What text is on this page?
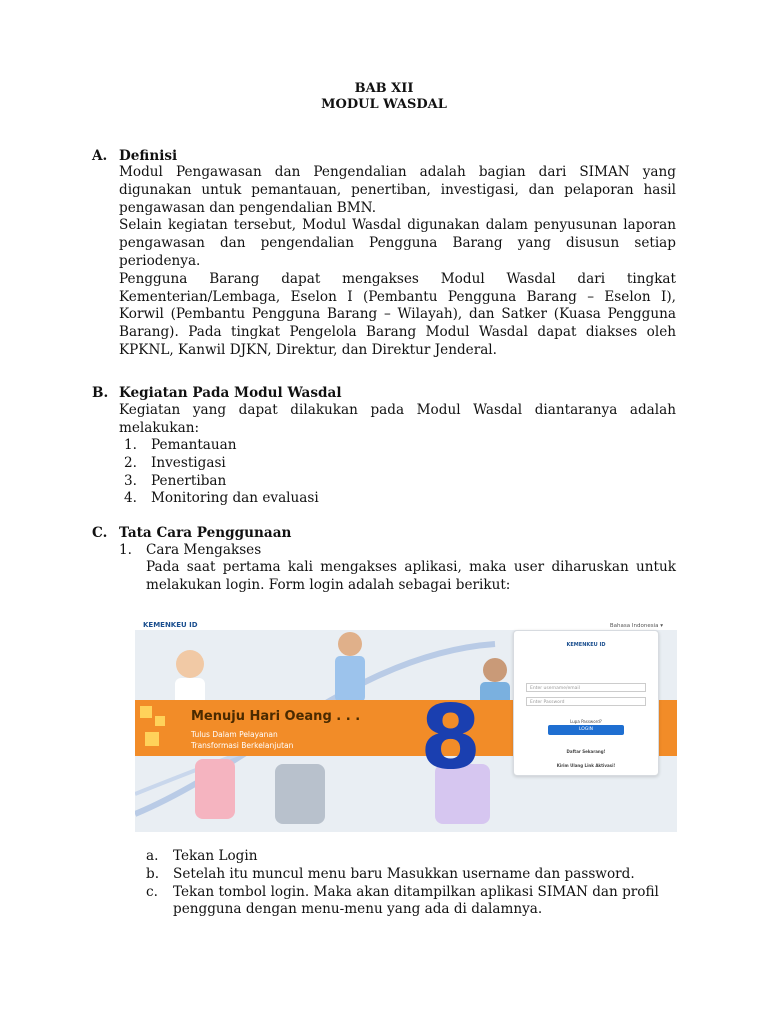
BAB XII
MODUL WASDAL
A. Definisi

Modul Pengawasan dan Pengendalian adalah bagian dari SIMAN yang digunakan untuk pemantauan, penertiban, investigasi, dan pelaporan hasil pengawasan dan pengendalian BMN.

Selain kegiatan tersebut, Modul Wasdal digunakan dalam penyusunan laporan pengawasan dan pengendalian Pengguna Barang yang disusun setiap periodenya.

Pengguna Barang dapat mengakses Modul Wasdal dari tingkat Kementerian/Lembaga, Eselon I (Pembantu Pengguna Barang – Eselon I), Korwil (Pembantu Pengguna Barang – Wilayah), dan Satker (Kuasa Pengguna Barang). Pada tingkat Pengelola Barang Modul Wasdal dapat diakses oleh KPKNL, Kanwil DJKN, Direktur, dan Direktur Jenderal.

B. Kegiatan Pada Modul Wasdal

Kegiatan yang dapat dilakukan pada Modul Wasdal diantaranya adalah melakukan:

1.	Pemantauan
2.	Investigasi
3.	Penertiban
4.	Monitoring dan evaluasi
C. Tata Cara Penggunaan
1. Cara Mengakses
Pada saat pertama kali mengakses aplikasi, maka user diharuskan untuk melakukan login. Form login adalah sebagai berikut:
8
KEMENKEU ID	Bahasa Indonesia ▾
Menuju Hari Oeang . . .
Tulus Dalam Pelayanan
Transformasi Berkelanjutan
KEMENKEU ID
Enter username/email
Enter Password
Lupa Password?
LOGIN
Daftar Sekarang!
Kirim Ulang Link Aktivasi!
a.	Tekan Login
b.	Setelah itu muncul menu baru Masukkan username dan password.
c.	Tekan tombol login. Maka akan ditampilkan aplikasi SIMAN dan profil pengguna dengan menu-menu yang ada di dalamnya.
